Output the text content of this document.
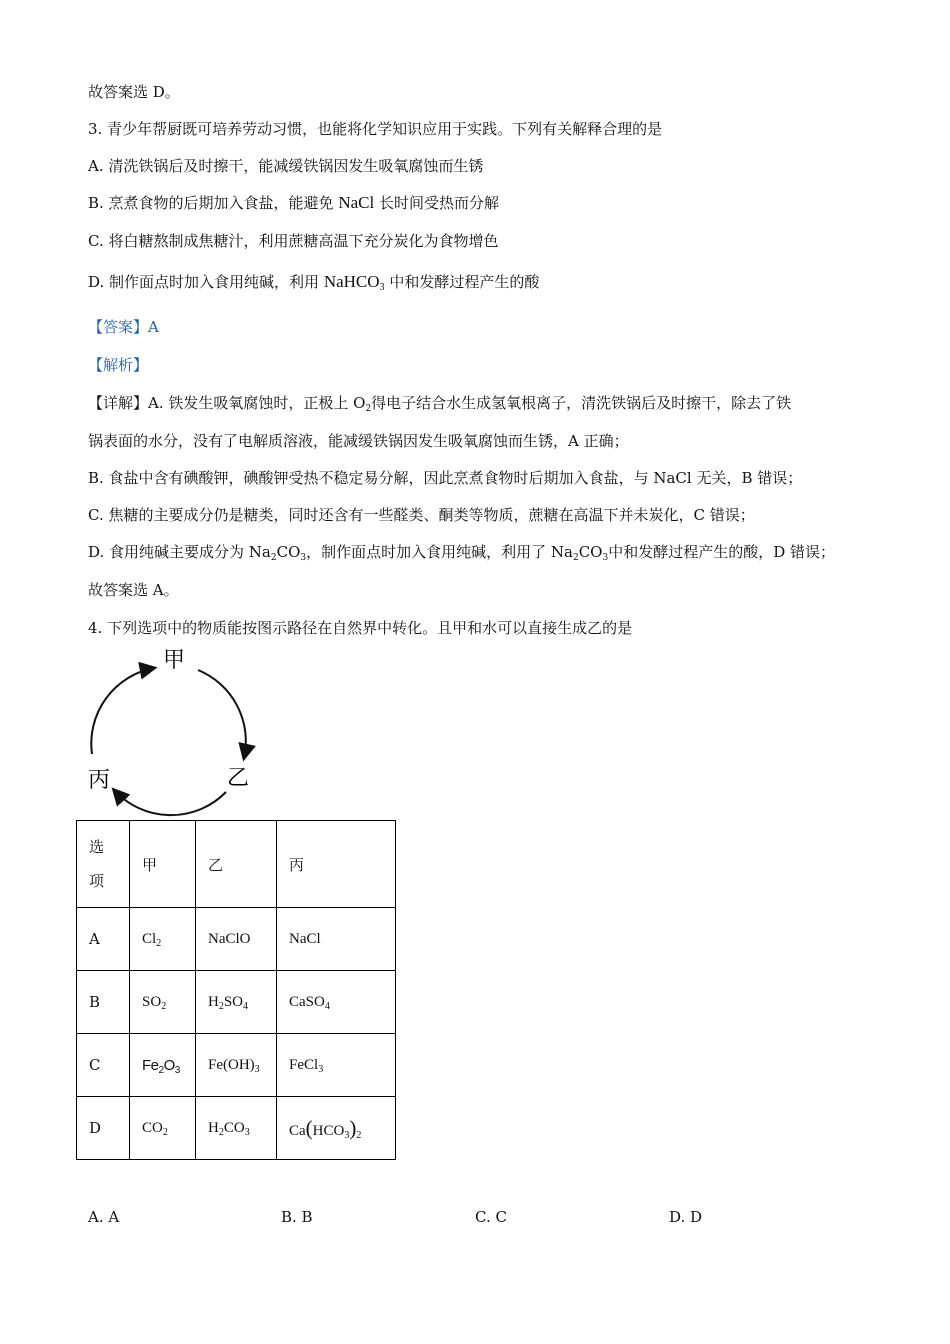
故答案选 D。
3. 青少年帮厨既可培养劳动习惯，也能将化学知识应用于实践。下列有关解释合理的是
A. 清洗铁锅后及时擦干，能减缓铁锅因发生吸氧腐蚀而生锈
B. 烹煮食物的后期加入食盐，能避免 NaCl 长时间受热而分解
C. 将白糖熬制成焦糖汁，利用蔗糖高温下充分炭化为食物增色
D. 制作面点时加入食用纯碱，利用 NaHCO$_3$ 中和发酵过程产生的酸
【答案】A
【解析】
【详解】A. 铁发生吸氧腐蚀时，正极上 $O_2$得电子结合水生成氢氧根离子，清洗铁锅后及时擦干，除去了铁
锅表面的水分，没有了电解质溶液，能减缓铁锅因发生吸氧腐蚀而生锈，A 正确；
B. 食盐中含有碘酸钾，碘酸钾受热不稳定易分解，因此烹煮食物时后期加入食盐，与 NaCl 无关，B 错误；
C. 焦糖的主要成分仍是糖类，同时还含有一些醛类、酮类等物质，蔗糖在高温下并未炭化，C 错误；
D. 食用纯碱主要成分为 $Na_2CO_3$，制作面点时加入食用纯碱，利用了 $Na_2CO_3$中和发酵过程产生的酸，D 错误；
故答案选 A。
4. 下列选项中的物质能按图示路径在自然界中转化。且甲和水可以直接生成乙的是
甲
乙
丙
选
项	甲	乙	丙
A	$Cl_2$	NaClO	NaCl
B	$SO_2$	$H_2SO_4$	CaSO$_4$
C	$Fe_2O_3$	$Fe(OH)_3$	FeCl$_3$
D	$CO_2$	$H_2CO_3$	$Ca(HCO_3)_2$
A. A	B. B	C. C	D. D
